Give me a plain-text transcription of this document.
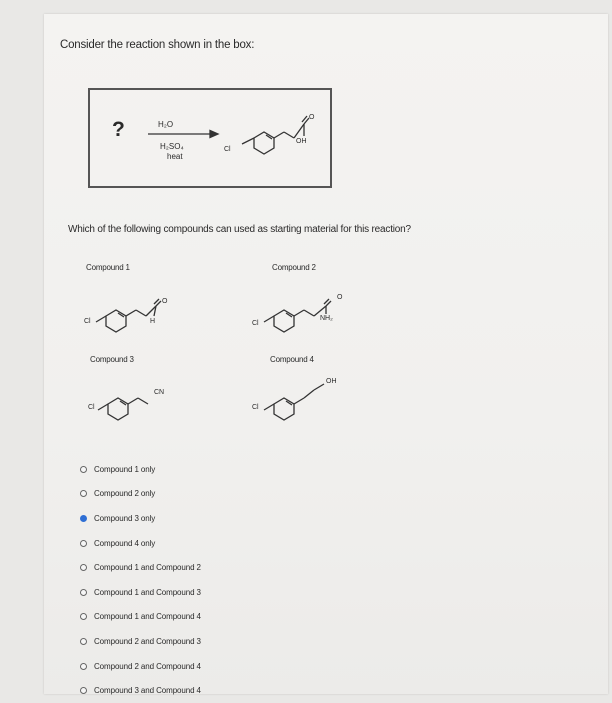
Consider the reaction shown in the box:
?	H₂O
H₂SO₄
heat
Cl
O
OH
Which of the following compounds can used as starting material for this reaction?
Compound 1
Cl
O
H
Compound 2
Cl
O
NH₂
Compound 3
Cl
CN
Compound 4
Cl
OH
Compound 1 only
Compound 2 only
Compound 3 only
Compound 4 only
Compound 1 and Compound 2
Compound 1 and Compound 3
Compound 1 and Compound 4
Compound 2 and Compound 3
Compound 2 and Compound 4
Compound 3 and Compound 4
